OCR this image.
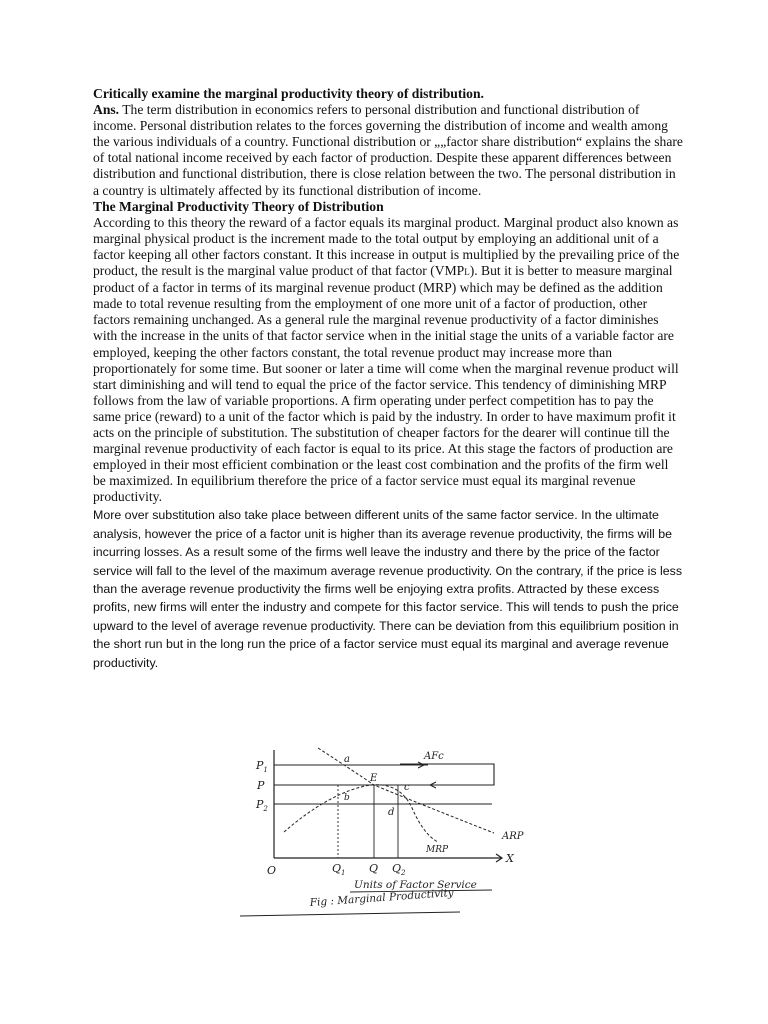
Critically examine the marginal productivity theory of distribution.

Ans. The term distribution in economics refers to personal distribution and functional distribution of income. Personal distribution relates to the forces governing the distribution of income and wealth among the various individuals of a country. Functional distribution or „„factor share distribution“ explains the share of total national income received by each factor of production. Despite these apparent differences between distribution and functional distribution, there is close relation between the two. The personal distribution in a country is ultimately affected by its functional distribution of income.

The Marginal Productivity Theory of Distribution

According to this theory the reward of a factor equals its marginal product. Marginal product also known as marginal physical product is the increment made to the total output by employing an additional unit of a factor keeping all other factors constant. It this increase in output is multiplied by the prevailing price of the product, the result is the marginal value product of that factor (VMPL). But it is better to measure marginal product of a factor in terms of its marginal revenue product (MRP) which may be defined as the addition made to total revenue resulting from the employment of one more unit of a factor of production, other factors remaining unchanged. As a general rule the marginal revenue productivity of a factor diminishes with the increase in the units of that factor service when in the initial stage the units of a variable factor are employed, keeping the other factors constant, the total revenue product may increase more than proportionately for some time. But sooner or later a time will come when the marginal revenue product will start diminishing and will tend to equal the price of the factor service. This tendency of diminishing MRP follows from the law of variable proportions. A firm operating under perfect competition has to pay the same price (reward) to a unit of the factor which is paid by the industry. In order to have maximum profit it acts on the principle of substitution. The substitution of cheaper factors for the dearer will continue till the marginal revenue productivity of each factor is equal to its price. At this stage the factors of production are employed in their most efficient combination or the least cost combination and the profits of the firm well be maximized. In equilibrium therefore the price of a factor service must equal its marginal revenue productivity.

More over substitution also take place between different units of the same factor service. In the ultimate analysis, however the price of a factor unit is higher than its average revenue productivity, the firms will be incurring losses. As a result some of the firms well leave the industry and there by the price of the factor service will fall to the level of the maximum average revenue productivity. On the contrary, if the price is less than the average revenue productivity the firms well be enjoying extra profits. Attracted by these excess profits, new firms will enter the industry and compete for this factor service. This will tends to push the price upward to the level of average revenue productivity. There can be deviation from this equilibrium position in the short run but in the long run the price of a factor service must equal its marginal and average revenue productivity.

$P_1$
P
$P_2$
O	$Q_1$ Q $Q_2$
X
a
E
b
c
d
AFc
ARP
MRP
Units of Factor Service
Fig : Marginal Productivity
